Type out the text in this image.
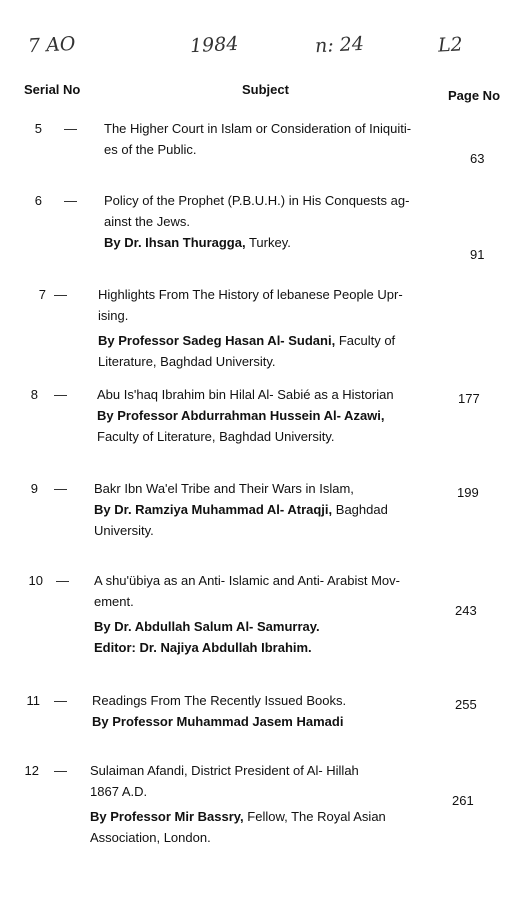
7 AO	1984	n: 24	L2
Serial No	Subject	Page No
5 — The Higher Court in Islam or Consideration of Iniquiti-
es of the Public.
63
6 — Policy of the Prophet (P.B.U.H.) in His Conquests ag-
ainst the Jews.
By Dr. Ihsan Thuragga, Turkey.
91
7 — Highlights From The History of lebanese People Upr-
ising.
By Professor Sadeg Hasan Al- Sudani, Faculty of
Literature, Baghdad University.
8 — Abu Is'haq Ibrahim bin Hilal Al- Sabié as a Historian
By Professor Abdurrahman Hussein Al- Azawi,
Faculty of Literature, Baghdad University.
177
9 — Bakr Ibn Wa'el Tribe and Their Wars in Islam,
By Dr. Ramziya Muhammad Al- Atraqji, Baghdad
University.
199
10 — A shu'übiya as an Anti- Islamic and Anti- Arabist Mov-
ement.
By Dr. Abdullah Salum Al- Samurray.
Editor: Dr. Najiya Abdullah Ibrahim.
243
11 — Readings From The Recently Issued Books.
By Professor Muhammad Jasem Hamadi
255
12 — Sulaiman Afandi, District President of Al- Hillah
1867 A.D.
By Professor Mir Bassry, Fellow, The Royal Asian
Association, London.
261
